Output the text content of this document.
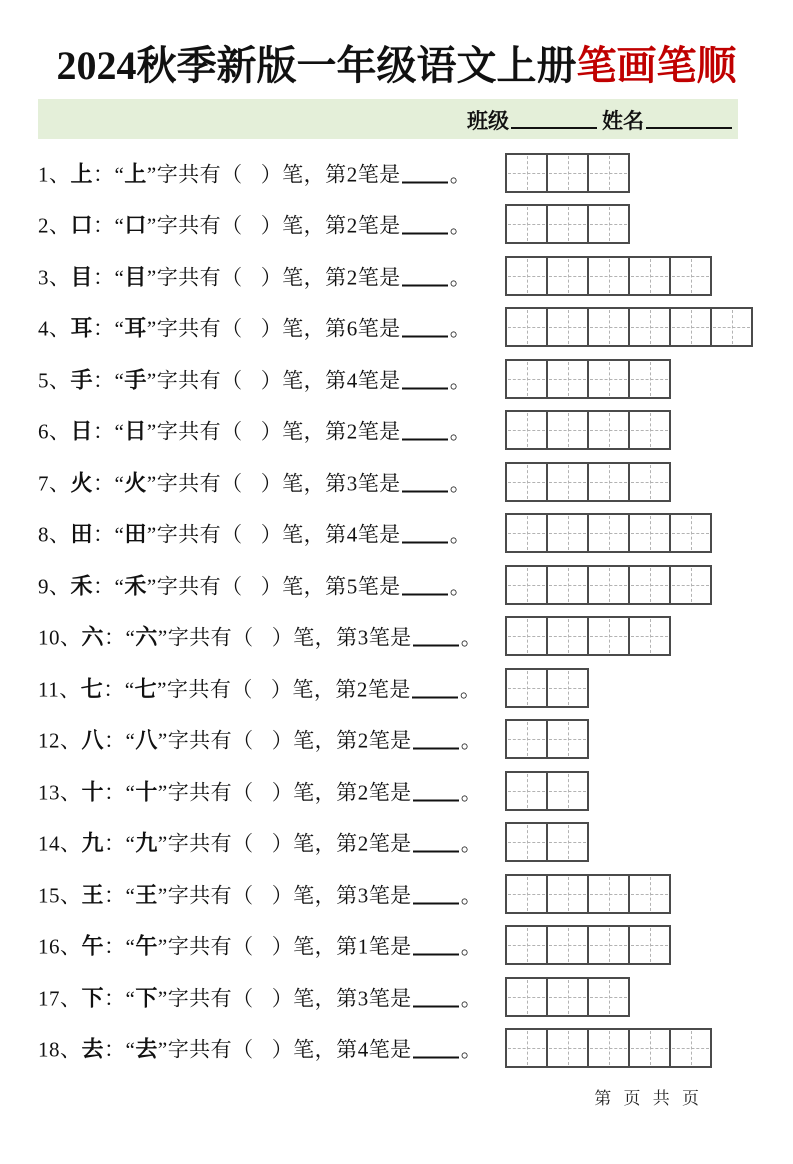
2024秋季新版一年级语文上册笔画笔顺
班级	姓名
1、上：“上”字共有（ ）笔，第2笔是 。
2、口：“口”字共有（ ）笔，第2笔是 。
3、目：“目”字共有（ ）笔，第2笔是 。
4、耳：“耳”字共有（ ）笔，第6笔是 。
5、手：“手”字共有（ ）笔，第4笔是 。
6、日：“日”字共有（ ）笔，第2笔是 。
7、火：“火”字共有（ ）笔，第3笔是 。
8、田：“田”字共有（ ）笔，第4笔是 。
9、禾：“禾”字共有（ ）笔，第5笔是 。
10、六：“六”字共有（ ）笔，第3笔是 。
11、七：“七”字共有（ ）笔，第2笔是 。
12、八：“八”字共有（ ）笔，第2笔是 。
13、十：“十”字共有（ ）笔，第2笔是 。
14、九：“九”字共有（ ）笔，第2笔是 。
15、王：“王”字共有（ ）笔，第3笔是 。
16、午：“午”字共有（ ）笔，第1笔是 。
17、下：“下”字共有（ ）笔，第3笔是 。
18、去：“去”字共有（ ）笔，第4笔是 。
第 页 共 页
